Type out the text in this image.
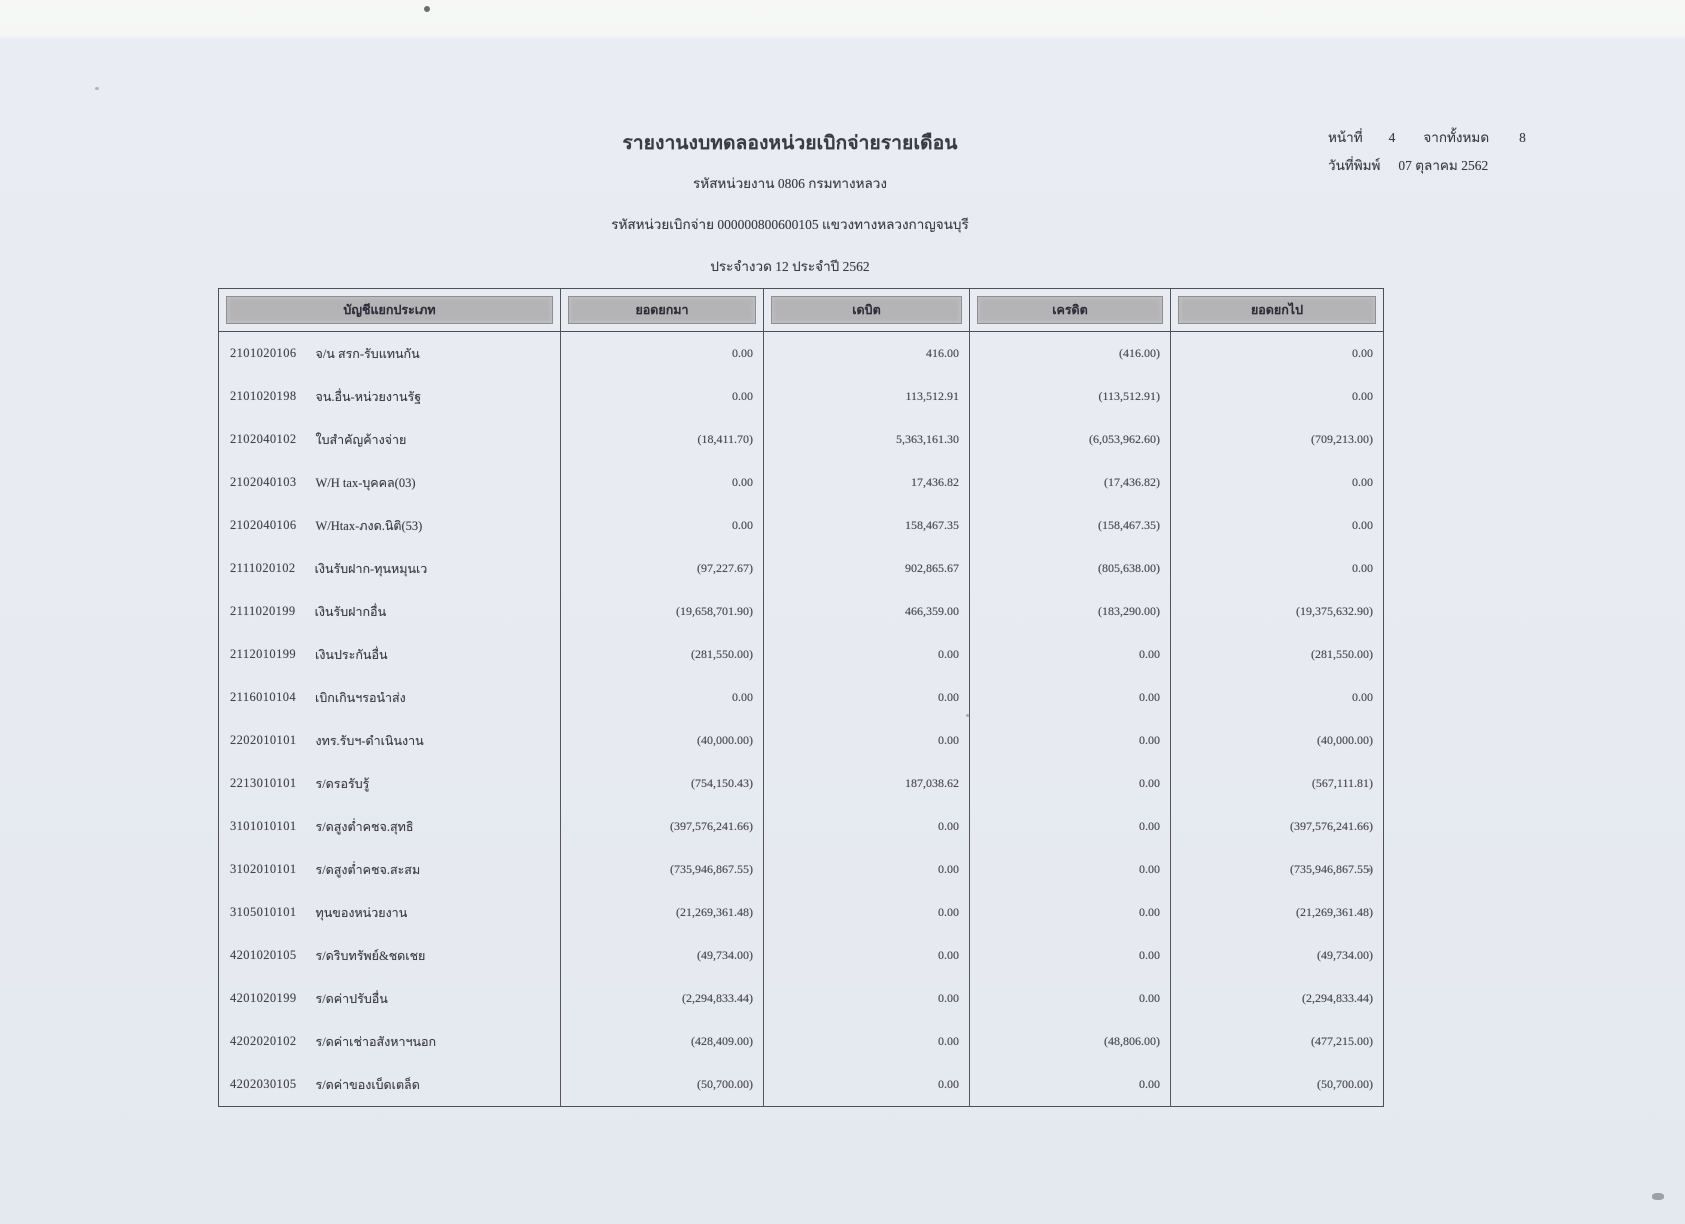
รายงานงบทดลองหน่วยเบิกจ่ายรายเดือน
รหัสหน่วยงาน 0806 กรมทางหลวง
รหัสหน่วยเบิกจ่าย 000000800600105 แขวงทางหลวงกาญจนบุรี
ประจำงวด 12 ประจำปี 2562
หน้าที่ 4 จากทั้งหมด 8
วันที่พิมพ์ 07 ตุลาคม 2562
บัญชีแยกประเภท	ยอดยกมา	เดบิต	เครดิต	ยอดยกไป
2101020106 จ/น สรก-รับแทนกัน	0.00	416.00	(416.00)	0.00
2101020198 จน.อื่น-หน่วยงานรัฐ	0.00	113,512.91	(113,512.91)	0.00
2102040102 ใบสำคัญค้างจ่าย	(18,411.70)	5,363,161.30	(6,053,962.60)	(709,213.00)
2102040103 W/H tax-บุคคล(03)	0.00	17,436.82	(17,436.82)	0.00
2102040106 W/Htax-ภงด.นิติ(53)	0.00	158,467.35	(158,467.35)	0.00
2111020102 เงินรับฝาก-ทุนหมุนเว	(97,227.67)	902,865.67	(805,638.00)	0.00
2111020199 เงินรับฝากอื่น	(19,658,701.90)	466,359.00	(183,290.00)	(19,375,632.90)
2112010199 เงินประกันอื่น	(281,550.00)	0.00	0.00	(281,550.00)
2116010104 เบิกเกินฯรอนำส่ง	0.00	0.00	0.00	0.00
2202010101 งทร.รับฯ-ดำเนินงาน	(40,000.00)	0.00	0.00	(40,000.00)
2213010101 ร/ดรอรับรู้	(754,150.43)	187,038.62	0.00	(567,111.81)
3101010101 ร/ดสูงต่ำคชจ.สุทธิ	(397,576,241.66)	0.00	0.00	(397,576,241.66)
3102010101 ร/ดสูงต่ำคชจ.สะสม	(735,946,867.55)	0.00	0.00	(735,946,867.55)
3105010101 ทุนของหน่วยงาน	(21,269,361.48)	0.00	0.00	(21,269,361.48)
4201020105 ร/ดริบทรัพย์&ชดเชย	(49,734.00)	0.00	0.00	(49,734.00)
4201020199 ร/ดค่าปรับอื่น	(2,294,833.44)	0.00	0.00	(2,294,833.44)
4202020102 ร/ดค่าเช่าอสังหาฯนอก	(428,409.00)	0.00	(48,806.00)	(477,215.00)
4202030105 ร/ดค่าของเบ็ดเตล็ด	(50,700.00)	0.00	0.00	(50,700.00)
